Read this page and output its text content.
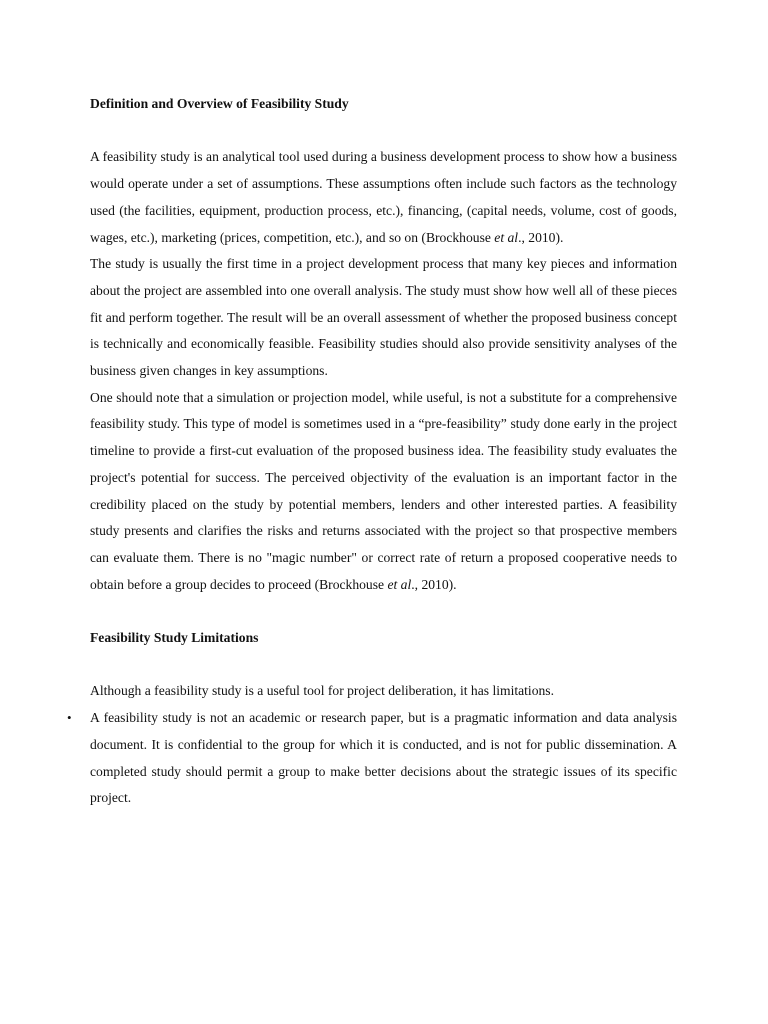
Definition and Overview of Feasibility Study

A feasibility study is an analytical tool used during a business development process to show how a business would operate under a set of assumptions. These assumptions often include such factors as the technology used (the facilities, equipment, production process, etc.), financing, (capital needs, volume, cost of goods, wages, etc.), marketing (prices, competition, etc.), and so on (Brockhouse et al., 2010).

The study is usually the first time in a project development process that many key pieces and information about the project are assembled into one overall analysis. The study must show how well all of these pieces fit and perform together. The result will be an overall assessment of whether the proposed business concept is technically and economically feasible. Feasibility studies should also provide sensitivity analyses of the business given changes in key assumptions.

One should note that a simulation or projection model, while useful, is not a substitute for a comprehensive feasibility study. This type of model is sometimes used in a “pre-feasibility” study done early in the project timeline to provide a first-cut evaluation of the proposed business idea. The feasibility study evaluates the project's potential for success. The perceived objectivity of the evaluation is an important factor in the credibility placed on the study by potential members, lenders and other interested parties. A feasibility study presents and clarifies the risks and returns associated with the project so that prospective members can evaluate them. There is no "magic number" or correct rate of return a proposed cooperative needs to obtain before a group decides to proceed (Brockhouse et al., 2010).

Feasibility Study Limitations

Although a feasibility study is a useful tool for project deliberation, it has limitations.

• A feasibility study is not an academic or research paper, but is a pragmatic information and data analysis document. It is confidential to the group for which it is conducted, and is not for public dissemination. A completed study should permit a group to make better decisions about the strategic issues of its specific project.
